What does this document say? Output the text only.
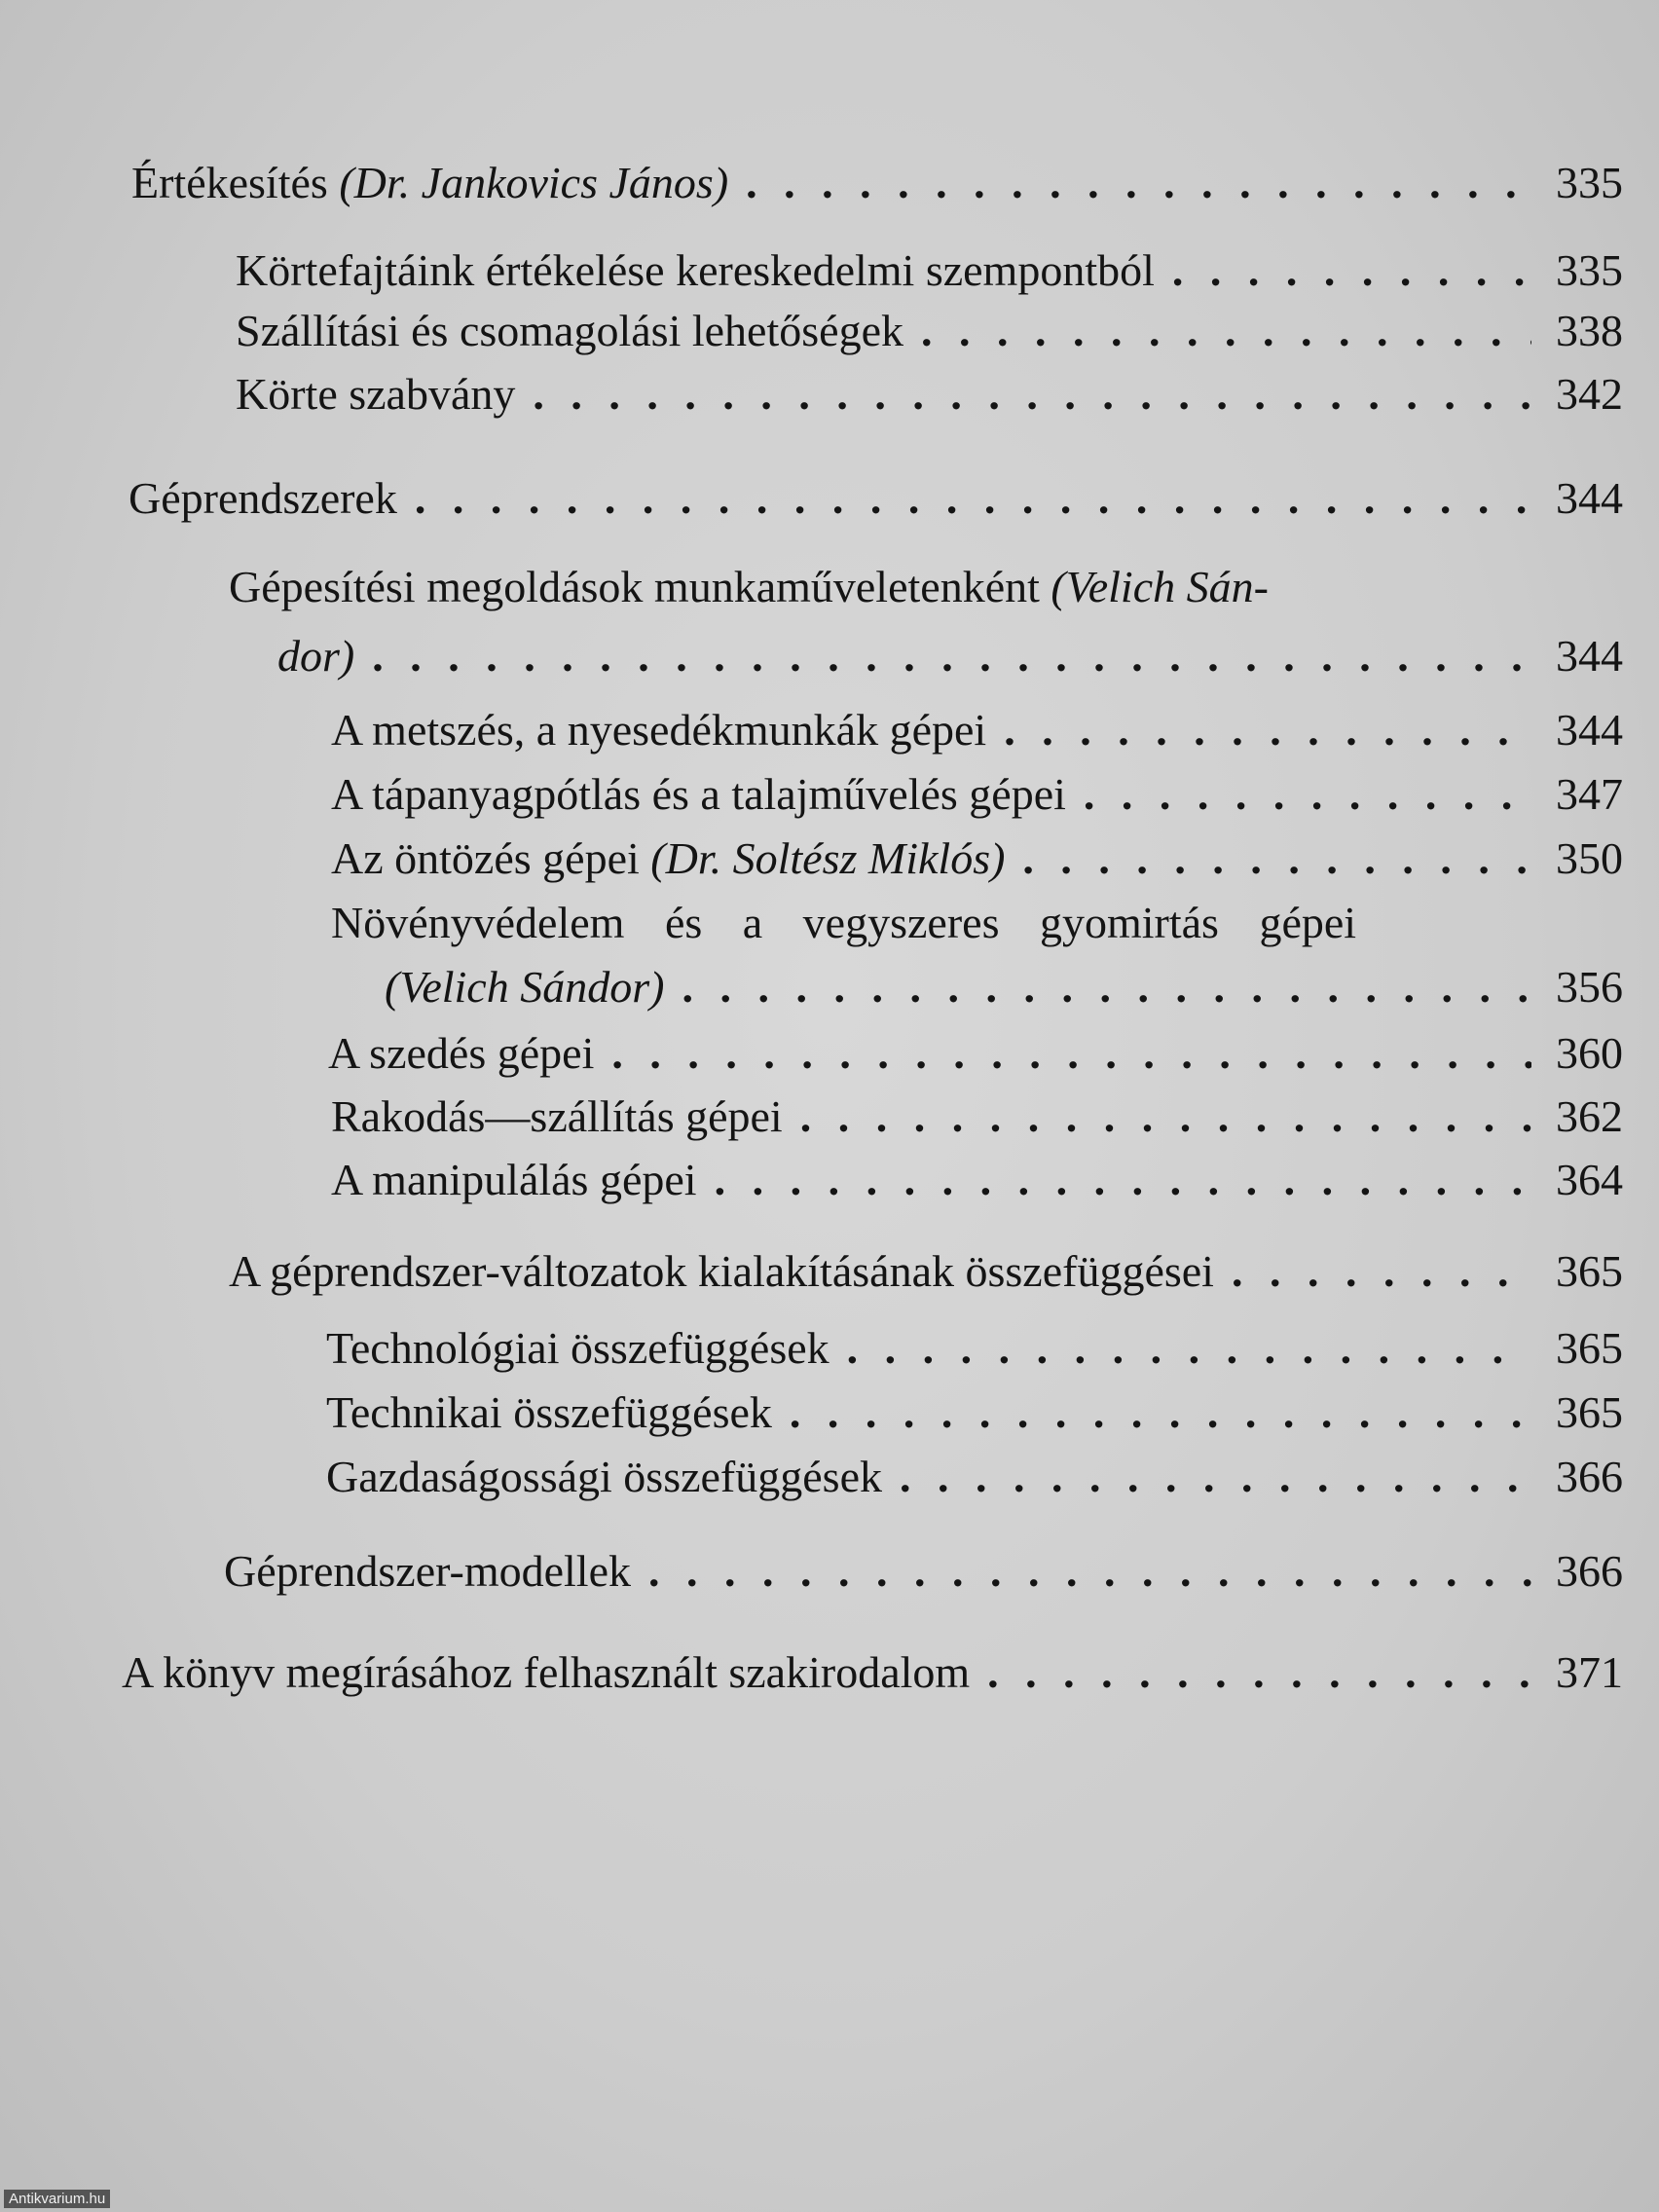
Értékesítés (Dr. Jankovics János) . . .	335
Körtefajtáink értékelése kereskedelmi szempontból . . .	335
Szállítási és csomagolási lehetőségek . . .	338
Körte szabvány . . .	342
Géprendszerek . . .	344
Gépesítési megoldások munkaműveletenként (Velich Sán-
dor) . . .	344
A metszés, a nyesedékmunkák gépei . . .	344
A tápanyagpótlás és a talajművelés gépei . . .	347
Az öntözés gépei (Dr. Soltész Miklós) . . .	350
Növényvédelem és a vegyszeres gyomirtás gépei
(Velich Sándor) . . .	356
A szedés gépei . . .	360
Rakodás—szállítás gépei . . .	362
A manipulálás gépei . . .	364
A géprendszer-változatok kialakításának összefüggései . . .	365
Technológiai összefüggések . . .	365
Technikai összefüggések . . .	365
Gazdaságossági összefüggések . . .	366
Géprendszer-modellek . . .	366
A könyv megírásához felhasznált szakirodalom . . .	371
Antikvarium.hu
